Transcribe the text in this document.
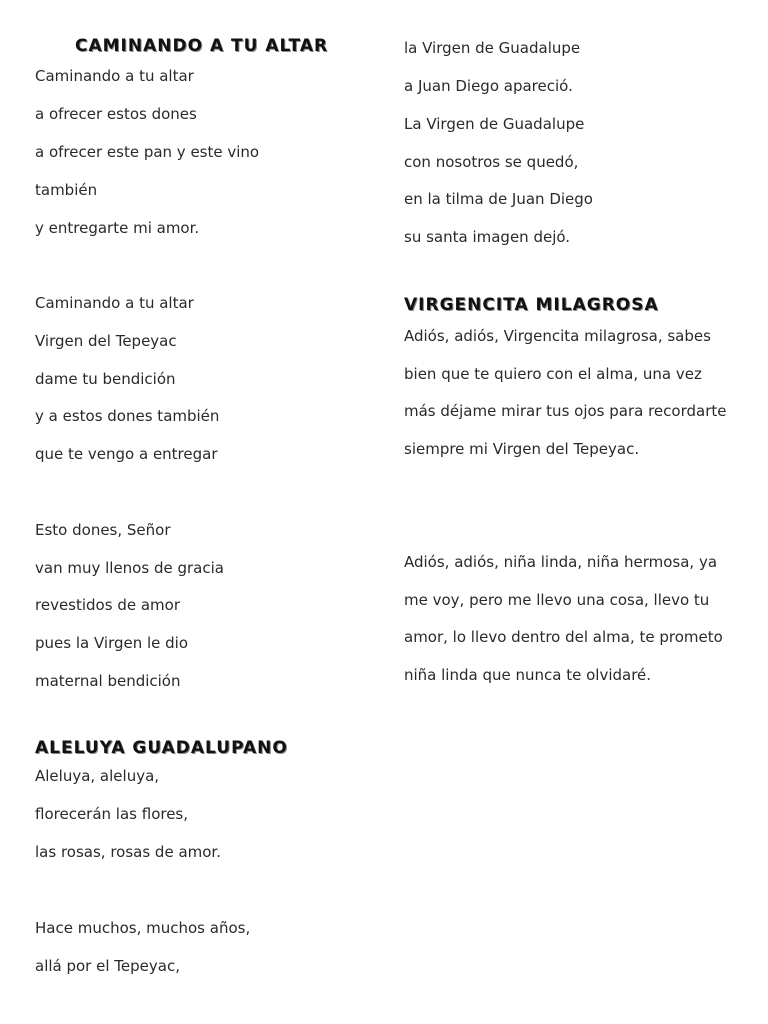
CAMINANDO A TU ALTAR
Caminando a tu altar
a ofrecer estos dones
a ofrecer este pan y este vino
también
y entregarte mi amor.
Caminando a tu altar
Virgen del Tepeyac
dame tu bendición
y a estos dones también
que te vengo a entregar
Esto dones, Señor
van muy llenos de gracia
revestidos de amor
pues la Virgen le dio
maternal bendición
ALELUYA GUADALUPANO
Aleluya, aleluya,
florecerán las flores,
las rosas, rosas de amor.
Hace muchos, muchos años,
allá por el Tepeyac,
la Virgen de Guadalupe
a Juan Diego apareció.
La Virgen de Guadalupe
con nosotros se quedó,
en la tilma de Juan Diego
su santa imagen dejó.
VIRGENCITA MILAGROSA
Adiós, adiós, Virgencita milagrosa, sabes bien que te quiero con el alma, una vez más déjame mirar tus ojos para recordarte siempre mi Virgen del Tepeyac.
Adiós, adiós, niña linda, niña hermosa, ya me voy, pero me llevo una cosa, llevo tu amor, lo llevo dentro del alma, te prometo niña linda que nunca te olvidaré.
